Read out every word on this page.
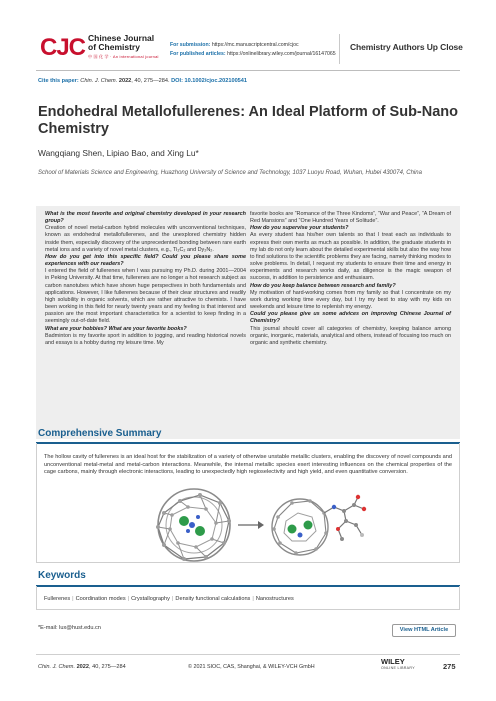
CJC Chinese Journal
of Chemistry
中 国 化 学 · An international journal
For submission: https://mc.manuscriptcentral.com/cjoc
For published articles: https://onlinelibrary.wiley.com/journal/16147065
Chemistry Authors Up Close
Cite this paper: Chin. J. Chem. 2022, 40, 275—284. DOI: 10.1002/cjoc.202100541
Endohedral Metallofullerenes: An Ideal Platform of Sub-Nano Chemistry
Wangqiang Shen, Lipiao Bao, and Xing Lu*
School of Materials Science and Engineering, Huazhong University of Science and Technology, 1037 Luoyu Road, Wuhan, Hubei 430074, China
What is the most favorite and original chemistry developed in your research group?
Creation of novel metal-carbon hybrid molecules with unconventional techniques, known as endohedral metallofullerenes, and the unexplored chemistry hidden inside them, especially discovery of the unprecedented bonding between rare earth metal ions and a variety of novel metal clusters, e.g., Ti₂C₂ and Dy₂N₂.
How do you get into this specific field? Could you please share some experiences with our readers?
I entered the field of fullerenes when I was pursuing my Ph.D. during 2001—2004 in Peking University. At that time, fullerenes are no longer a hot research subject as carbon nanotubes which have shown huge perspectives in both fundamentals and applications. However, I like fullerenes because of their clear structures and readily high solubility in organic solvents, which are rather attractive to chemists. I have been working in this field for nearly twenty years and my feeling is that interest and passion are the most important characteristics for a scientist to keep finding in a seemingly out-of-date field.
What are your hobbies? What are your favorite books?
Badminton is my favorite sport in addition to jogging, and reading historical novels and essays is a hobby during my leisure time. My
favorite books are “Romance of the Three Kindoms”, “War and Peace”, “A Dream of Red Mansions” and “One Hundred Years of Solitude”.
How do you supervise your students?
As every student has his/her own talents so that I treat each as individuals to express their own merits as much as possible. In addition, the graduate students in my lab do not only learn about the detailed experimental skills but also the way how to find solutions to the scientific problems they are facing, namely thinking modes to solve problems. In detail, I request my students to ensure their time and energy in experiments and research works daily, as diligence is the magic weapon of success, in addition to persistence and enthusiasm.
How do you keep balance between research and family?
My motivation of hard-working comes from my family so that I concentrate on my work during working time every day, but I try my best to stay with my kids on weekends and leisure time to replenish my energy.
Could you please give us some advices on improving Chinese Journal of Chemistry?
This journal should cover all categories of chemistry, keeping balance among organic, inorganic, materials, analytical and others, instead of focusing too much on organic and synthetic chemistry.
Comprehensive Summary
The hollow cavity of fullerenes is an ideal host for the stabilization of a variety of otherwise unstable metallic clusters, enabling the discovery of novel compounds and unconventional metal-metal and metal-carbon interactions. Meanwhile, the internal metallic species exert interesting influences on the chemical properties of the cage carbons, mainly through electronic interactions, leading to unexpectedly high regioselectivity and high yield, and even quantitative conversion.
Keywords
Fullerenes | Coordination modes | Crystallography | Density functional calculations | Nanostructures
*E-mail: lux@hust.edu.cn	View HTML Article
Chin. J. Chem. 2022, 40, 275—284	© 2021 SIOC, CAS, Shanghai, & WILEY-VCH GmbH
WILEY
ONLINE LIBRARY	275
